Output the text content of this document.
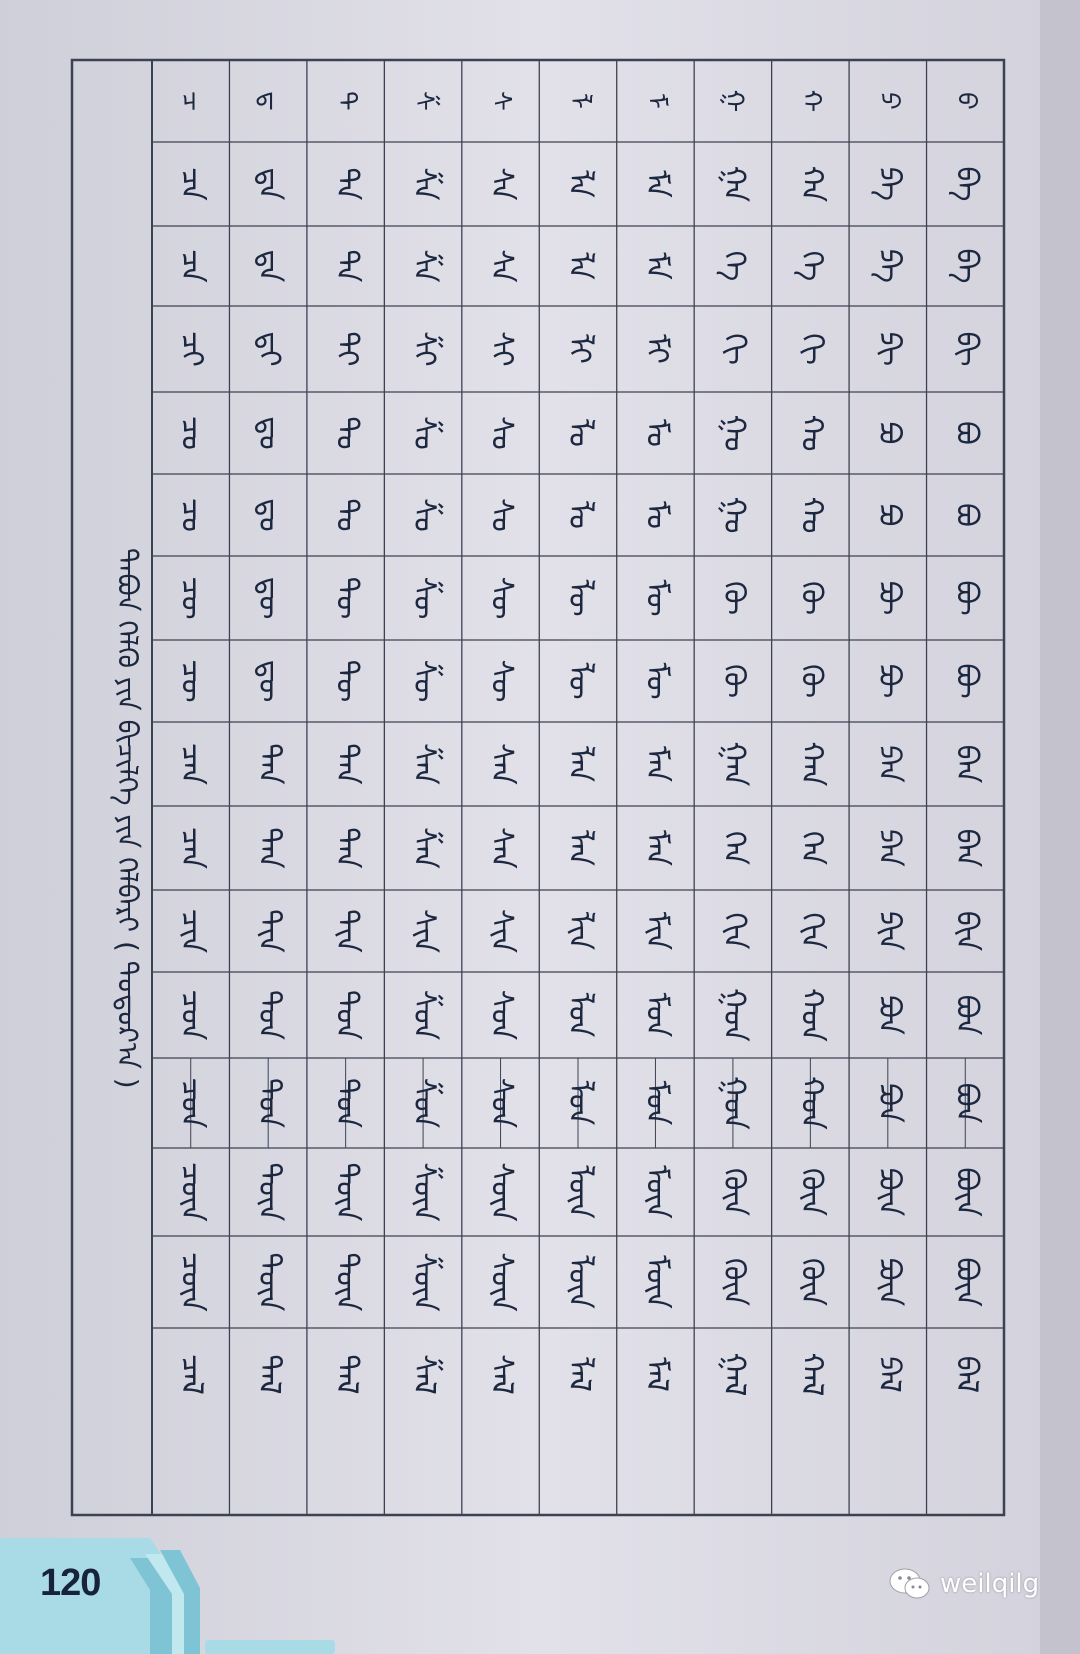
ᠪ
ᠪᠠ
ᠪᠡ
ᠪᠢ
ᠪᠣ
ᠪᠤ
ᠪᠥ
ᠪᠦ
ᠪᠠᠨ
ᠪᠡᠨ
ᠪᠢᠨ
ᠪᠣᠨ
ᠪᠤᠨ
ᠪᠥᠨ
ᠪᠦᠨ
ᠪᠠᠯ
ᠫ
ᠫᠠ
ᠫᠡ
ᠫᠢ
ᠫᠣ
ᠫᠤ
ᠫᠥ
ᠫᠦ
ᠫᠠᠨ
ᠫᠡᠨ
ᠫᠢᠨ
ᠫᠣᠨ
ᠫᠤᠨ
ᠫᠥᠨ
ᠫᠦᠨ
ᠫᠠᠯ
ᠬ
ᠬᠠ
ᠬᠡ
ᠬᠢ
ᠬᠣ
ᠬᠤ
ᠬᠥ
ᠬᠦ
ᠬᠠᠨ
ᠬᠡᠨ
ᠬᠢᠨ
ᠬᠣᠨ
ᠬᠤᠨ
ᠬᠥᠨ
ᠬᠦᠨ
ᠬᠠᠯ
ᠭ
ᠭᠠ
ᠭᠡ
ᠭᠢ
ᠭᠣ
ᠭᠤ
ᠭᠥ
ᠭᠦ
ᠭᠠᠨ
ᠭᠡᠨ
ᠭᠢᠨ
ᠭᠣᠨ
ᠭᠤᠨ
ᠭᠥᠨ
ᠭᠦᠨ
ᠭᠠᠯ
ᠮ
ᠮᠠ
ᠮᠡ
ᠮᠢ
ᠮᠣ
ᠮᠤ
ᠮᠥ
ᠮᠦ
ᠮᠠᠨ
ᠮᠡᠨ
ᠮᠢᠨ
ᠮᠣᠨ
ᠮᠤᠨ
ᠮᠥᠨ
ᠮᠦᠨ
ᠮᠠᠯ
ᠯ
ᠯᠠ
ᠯᠡ
ᠯᠢ
ᠯᠣ
ᠯᠤ
ᠯᠥ
ᠯᠦ
ᠯᠠᠨ
ᠯᠡᠨ
ᠯᠢᠨ
ᠯᠣᠨ
ᠯᠤᠨ
ᠯᠥᠨ
ᠯᠦᠨ
ᠯᠠᠯ
ᠰ
ᠰᠠ
ᠰᠡ
ᠰᠢ
ᠰᠣ
ᠰᠤ
ᠰᠥ
ᠰᠦ
ᠰᠠᠨ
ᠰᠡᠨ
ᠰᠢᠨ
ᠰᠣᠨ
ᠰᠤᠨ
ᠰᠥᠨ
ᠰᠦᠨ
ᠰᠠᠯ
ᠱ
ᠱᠠ
ᠱᠡ
ᠱᠢ
ᠱᠣ
ᠱᠤ
ᠱᠥ
ᠱᠦ
ᠱᠠᠨ
ᠱᠡᠨ
ᠱᠢᠨ
ᠱᠣᠨ
ᠱᠤᠨ
ᠱᠥᠨ
ᠱᠦᠨ
ᠱᠠᠯ
ᠲ
ᠲᠠ
ᠲᠡ
ᠲᠢ
ᠲᠣ
ᠲᠤ
ᠲᠥ
ᠲᠦ
ᠲᠠᠨ
ᠲᠡᠨ
ᠲᠢᠨ
ᠲᠣᠨ
ᠲᠤᠨ
ᠲᠥᠨ
ᠲᠦᠨ
ᠲᠠᠯ
ᠳ
ᠳᠠ
ᠳᠡ
ᠳᠢ
ᠳᠣ
ᠳᠤ
ᠳᠥ
ᠳᠦ
ᠳᠠᠨ
ᠳᠡᠨ
ᠳᠢᠨ
ᠳᠣᠨ
ᠳᠤᠨ
ᠳᠥᠨ
ᠳᠦᠨ
ᠳᠠᠯ
ᠴ
ᠴᠠ
ᠴᠡ
ᠴᠢ
ᠴᠣ
ᠴᠤ
ᠴᠥ
ᠴᠦ
ᠴᠠᠨ
ᠴᠡᠨ
ᠴᠢᠨ
ᠴᠣᠨ
ᠴᠤᠨ
ᠴᠥᠨ
ᠴᠦᠨ
ᠴᠠᠯ
ᠲᠠᠪᠤᠨ ᠭᠡᠯᠬᠦ ᠶᠢᠨ ᠪᠢᠴᠢᠯᠭᠡ ᠶᠢᠨ ᠬᠡᠯᠪᠡᠷᠢ ( ᠳᠣᠲᠣᠷ᠎ᠠ )
120	weilqilg
